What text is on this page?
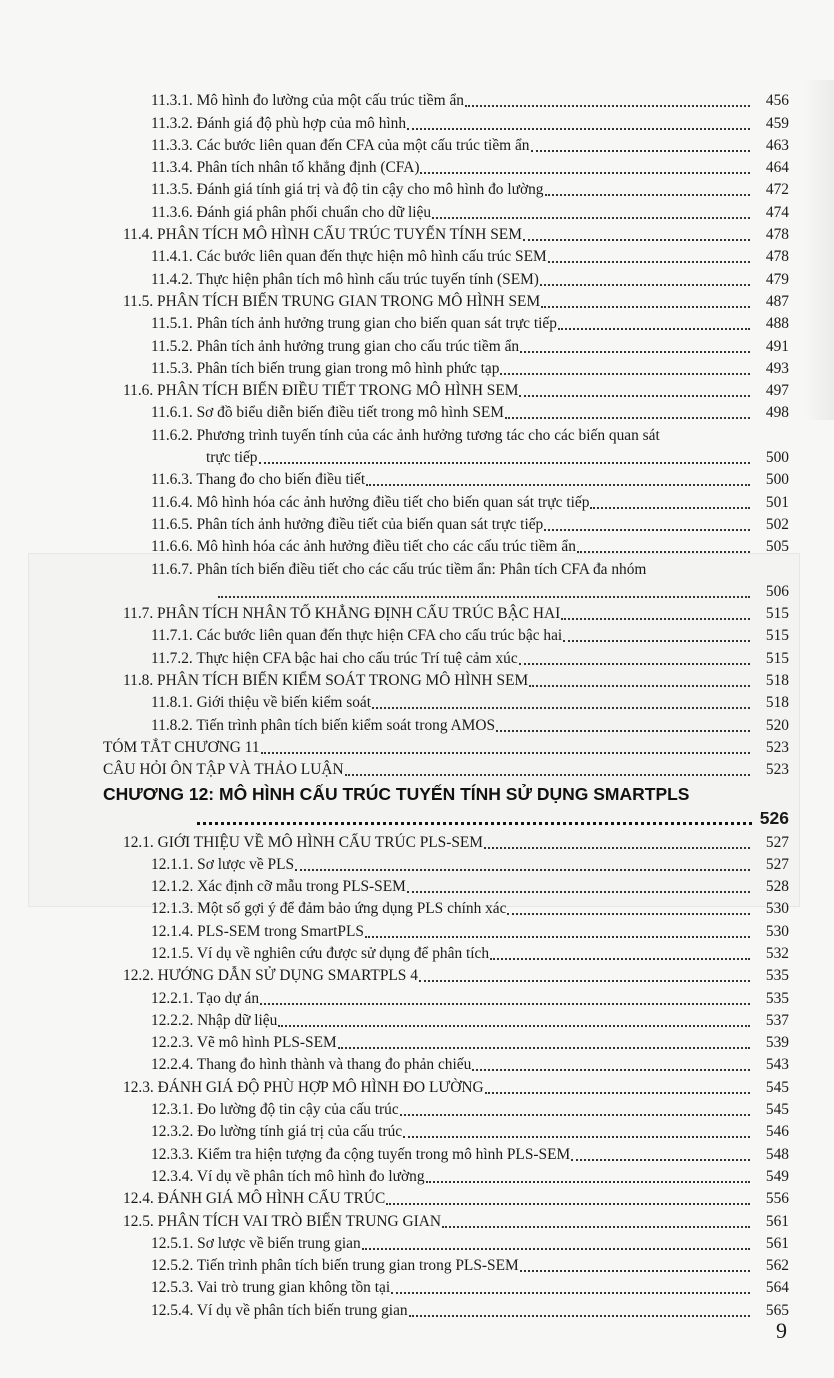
11.3.1. Mô hình đo lường của một cấu trúc tiềm ẩn	456
11.3.2. Đánh giá độ phù hợp của mô hình	459
11.3.3. Các bước liên quan đến CFA của một cấu trúc tiềm ẩn	463
11.3.4. Phân tích nhân tố khẳng định (CFA)	464
11.3.5. Đánh giá tính giá trị và độ tin cậy cho mô hình đo lường	472
11.3.6. Đánh giá phân phối chuẩn cho dữ liệu	474
11.4. PHÂN TÍCH MÔ HÌNH CẤU TRÚC TUYẾN TÍNH SEM	478
11.4.1. Các bước liên quan đến thực hiện mô hình cấu trúc SEM	478
11.4.2. Thực hiện phân tích mô hình cấu trúc tuyến tính (SEM)	479
11.5. PHÂN TÍCH BIẾN TRUNG GIAN TRONG MÔ HÌNH SEM	487
11.5.1. Phân tích ảnh hưởng trung gian cho biến quan sát trực tiếp	488
11.5.2. Phân tích ảnh hưởng trung gian cho cấu trúc tiềm ẩn	491
11.5.3. Phân tích biến trung gian trong mô hình phức tạp	493
11.6. PHÂN TÍCH BIẾN ĐIỀU TIẾT TRONG MÔ HÌNH SEM	497
11.6.1. Sơ đồ biểu diễn biến điều tiết trong mô hình SEM	498
11.6.2. Phương trình tuyến tính của các ảnh hưởng tương tác cho các biến quan sát
trực tiếp	500
11.6.3. Thang đo cho biến điều tiết	500
11.6.4. Mô hình hóa các ảnh hưởng điều tiết cho biến quan sát trực tiếp	501
11.6.5. Phân tích ảnh hưởng điều tiết của biến quan sát trực tiếp	502
11.6.6. Mô hình hóa các ảnh hưởng điều tiết cho các cấu trúc tiềm ẩn	505
11.6.7. Phân tích biến điều tiết cho các cấu trúc tiềm ẩn: Phân tích CFA đa nhóm
506
11.7. PHÂN TÍCH NHÂN TỐ KHẲNG ĐỊNH CẤU TRÚC BẬC HAI	515
11.7.1. Các bước liên quan đến thực hiện CFA cho cấu trúc bậc hai	515
11.7.2. Thực hiện CFA bậc hai cho cấu trúc Trí tuệ cảm xúc	515
11.8. PHÂN TÍCH BIẾN KIỂM SOÁT TRONG MÔ HÌNH SEM	518
11.8.1. Giới thiệu về biến kiểm soát	518
11.8.2. Tiến trình phân tích biến kiểm soát trong AMOS	520
TÓM TẮT CHƯƠNG 11	523
CÂU HỎI ÔN TẬP VÀ THẢO LUẬN	523
CHƯƠNG 12: MÔ HÌNH CẤU TRÚC TUYẾN TÍNH SỬ DỤNG SMARTPLS
526
12.1. GIỚI THIỆU VỀ MÔ HÌNH CẤU TRÚC PLS-SEM	527
12.1.1. Sơ lược về PLS	527
12.1.2. Xác định cỡ mẫu trong PLS-SEM	528
12.1.3. Một số gợi ý để đảm bảo ứng dụng PLS chính xác	530
12.1.4. PLS-SEM trong SmartPLS	530
12.1.5. Ví dụ về nghiên cứu được sử dụng để phân tích	532
12.2. HƯỚNG DẪN SỬ DỤNG SMARTPLS 4	535
12.2.1. Tạo dự án	535
12.2.2. Nhập dữ liệu	537
12.2.3. Vẽ mô hình PLS-SEM	539
12.2.4. Thang đo hình thành và thang đo phản chiếu	543
12.3. ĐÁNH GIÁ ĐỘ PHÙ HỢP MÔ HÌNH ĐO LƯỜNG	545
12.3.1. Đo lường độ tin cậy của cấu trúc	545
12.3.2. Đo lường tính giá trị của cấu trúc	546
12.3.3. Kiểm tra hiện tượng đa cộng tuyến trong mô hình PLS-SEM	548
12.3.4. Ví dụ về phân tích mô hình đo lường	549
12.4. ĐÁNH GIÁ MÔ HÌNH CẤU TRÚC	556
12.5. PHÂN TÍCH VAI TRÒ BIẾN TRUNG GIAN	561
12.5.1. Sơ lược về biến trung gian	561
12.5.2. Tiến trình phân tích biến trung gian trong PLS-SEM	562
12.5.3. Vai trò trung gian không tồn tại	564
12.5.4. Ví dụ về phân tích biến trung gian	565
9
